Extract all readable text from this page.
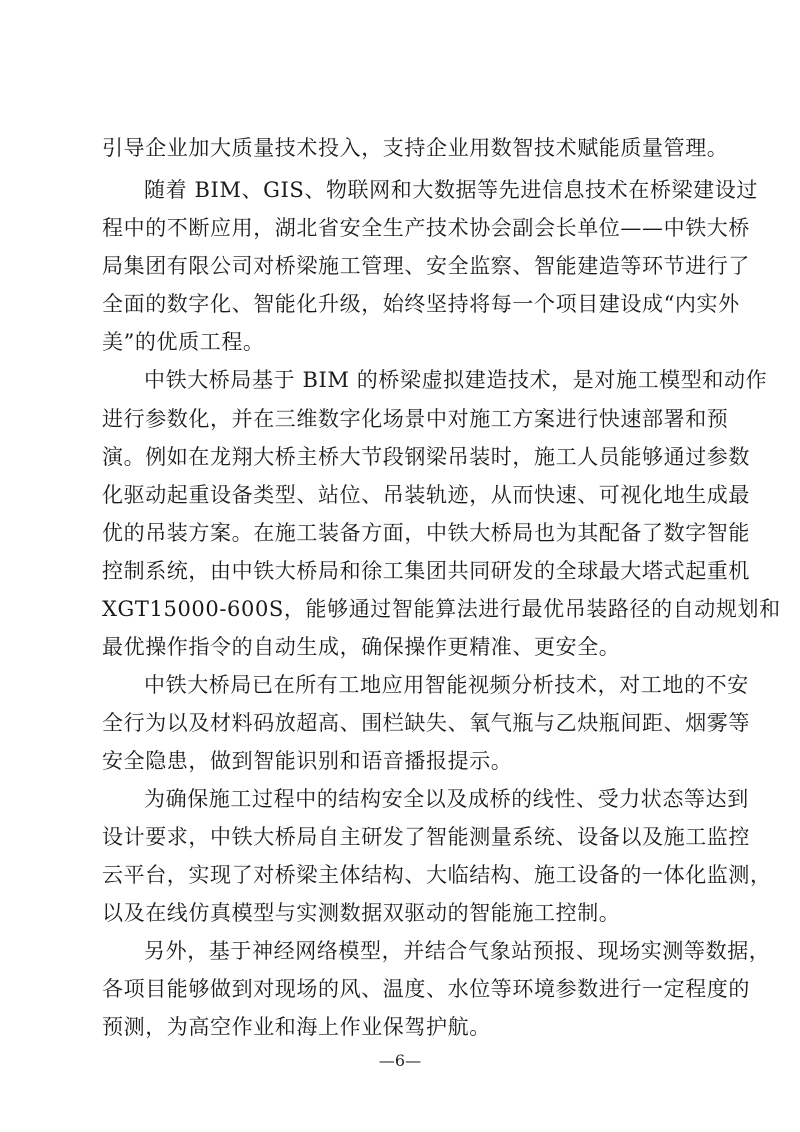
引导企业加大质量技术投入，支持企业用数智技术赋能质量管理。
随着 BIM、GIS、物联网和大数据等先进信息技术在桥梁建设过
程中的不断应用，湖北省安全生产技术协会副会长单位——中铁大桥
局集团有限公司对桥梁施工管理、安全监察、智能建造等环节进行了
全面的数字化、智能化升级，始终坚持将每一个项目建设成“内实外
美”的优质工程。
中铁大桥局基于 BIM 的桥梁虚拟建造技术，是对施工模型和动作
进行参数化，并在三维数字化场景中对施工方案进行快速部署和预
演。例如在龙翔大桥主桥大节段钢梁吊装时，施工人员能够通过参数
化驱动起重设备类型、站位、吊装轨迹，从而快速、可视化地生成最
优的吊装方案。在施工装备方面，中铁大桥局也为其配备了数字智能
控制系统，由中铁大桥局和徐工集团共同研发的全球最大塔式起重机
XGT15000-600S，能够通过智能算法进行最优吊装路径的自动规划和
最优操作指令的自动生成，确保操作更精准、更安全。
中铁大桥局已在所有工地应用智能视频分析技术，对工地的不安
全行为以及材料码放超高、围栏缺失、氧气瓶与乙炔瓶间距、烟雾等
安全隐患，做到智能识别和语音播报提示。
为确保施工过程中的结构安全以及成桥的线性、受力状态等达到
设计要求，中铁大桥局自主研发了智能测量系统、设备以及施工监控
云平台，实现了对桥梁主体结构、大临结构、施工设备的一体化监测，
以及在线仿真模型与实测数据双驱动的智能施工控制。
另外，基于神经网络模型，并结合气象站预报、现场实测等数据，
各项目能够做到对现场的风、温度、水位等环境参数进行一定程度的
预测，为高空作业和海上作业保驾护航。
—6—
